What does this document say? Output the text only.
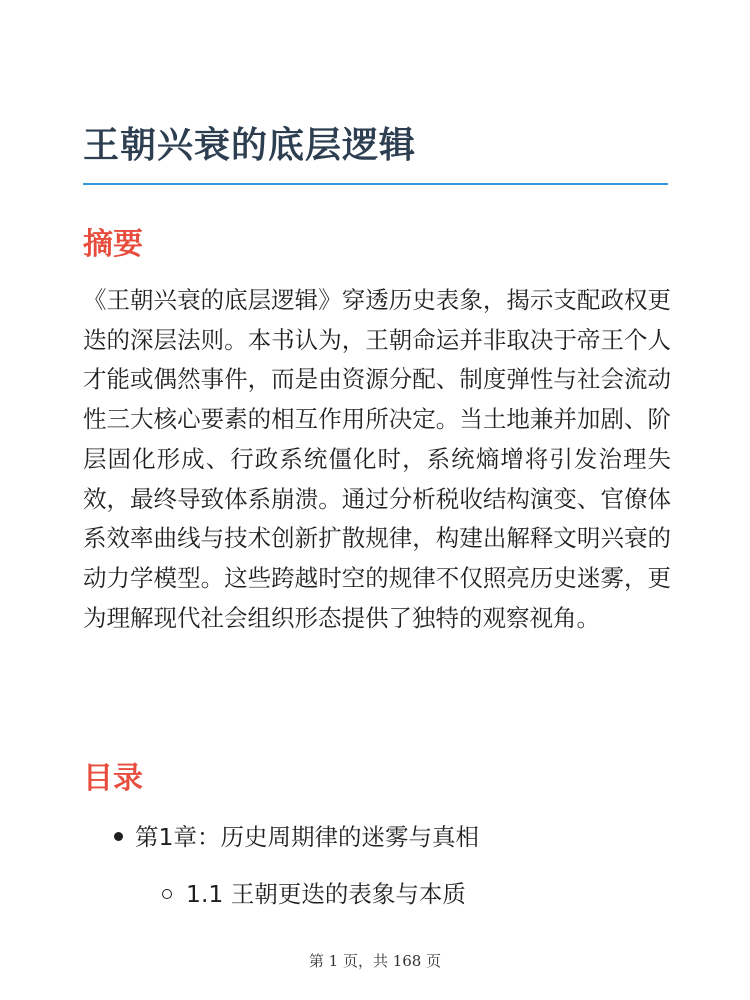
王朝兴衰的底层逻辑
摘要

《王朝兴衰的底层逻辑》穿透历史表象，揭示支配政权更迭的深层法则。本书认为，王朝命运并非取决于帝王个人才能或偶然事件，而是由资源分配、制度弹性与社会流动性三大核心要素的相互作用所决定。当土地兼并加剧、阶层固化形成、行政系统僵化时，系统熵增将引发治理失效，最终导致体系崩溃。通过分析税收结构演变、官僚体系效率曲线与技术创新扩散规律，构建出解释文明兴衰的动力学模型。这些跨越时空的规律不仅照亮历史迷雾，更为理解现代社会组织形态提供了独特的观察视角。

目录
第1章：历史周期律的迷雾与真相
1.1 王朝更迭的表象与本质
第 1 页，共 168 页
